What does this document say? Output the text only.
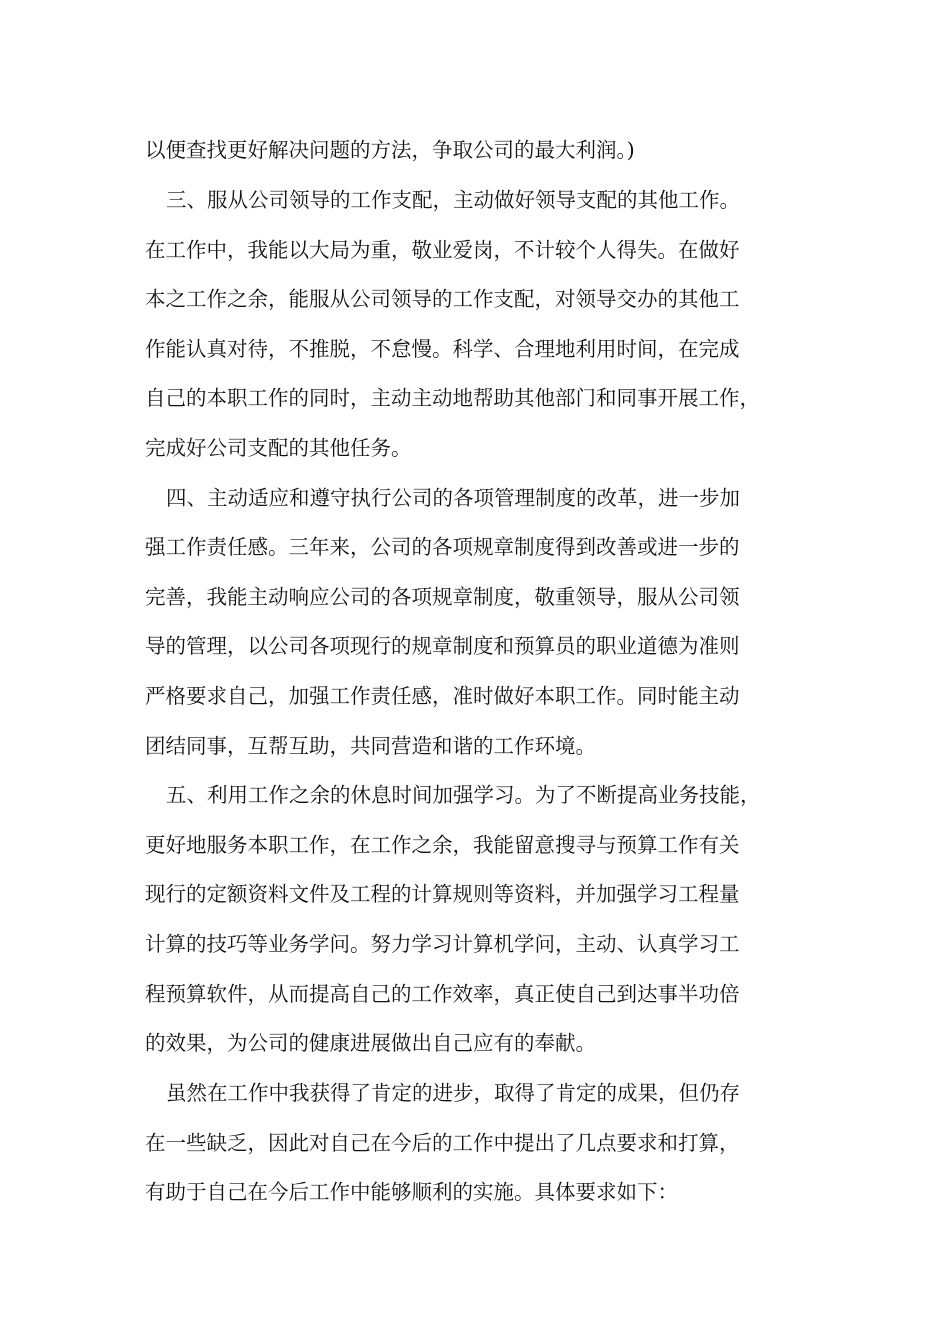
以便查找更好解决问题的方法，争取公司的最大利润。)

三、服从公司领导的工作支配，主动做好领导支配的其他工作。

在工作中，我能以大局为重，敬业爱岗，不计较个人得失。在做好

本之工作之余，能服从公司领导的工作支配，对领导交办的其他工

作能认真对待，不推脱，不怠慢。科学、合理地利用时间，在完成

自己的本职工作的同时，主动主动地帮助其他部门和同事开展工作，

完成好公司支配的其他任务。

四、主动适应和遵守执行公司的各项管理制度的改革，进一步加

强工作责任感。三年来，公司的各项规章制度得到改善或进一步的

完善，我能主动响应公司的各项规章制度，敬重领导，服从公司领

导的管理，以公司各项现行的规章制度和预算员的职业道德为准则

严格要求自己，加强工作责任感，准时做好本职工作。同时能主动

团结同事，互帮互助，共同营造和谐的工作环境。

五、利用工作之余的休息时间加强学习。为了不断提高业务技能，

更好地服务本职工作，在工作之余，我能留意搜寻与预算工作有关

现行的定额资料文件及工程的计算规则等资料，并加强学习工程量

计算的技巧等业务学问。努力学习计算机学问，主动、认真学习工

程预算软件，从而提高自己的工作效率，真正使自己到达事半功倍

的效果，为公司的健康进展做出自己应有的奉献。

虽然在工作中我获得了肯定的进步，取得了肯定的成果，但仍存

在一些缺乏，因此对自己在今后的工作中提出了几点要求和打算，

有助于自己在今后工作中能够顺利的实施。具体要求如下：
